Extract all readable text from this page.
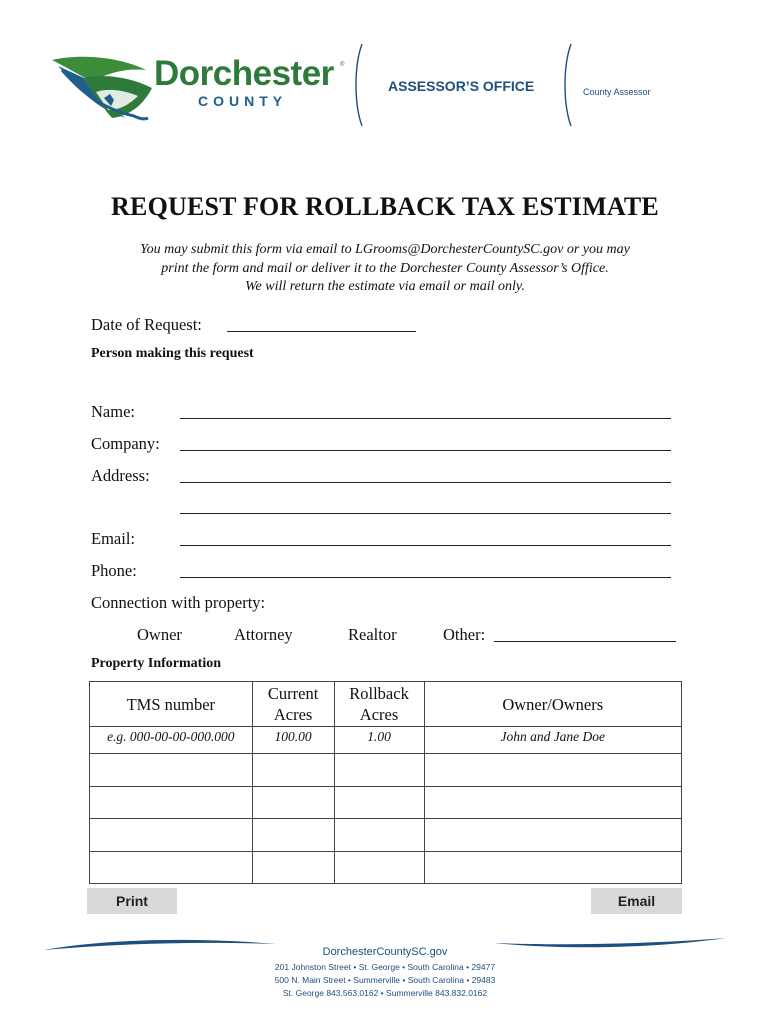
Dorchester ®
COUNTY
ASSESSOR’S OFFICE	County Assessor
REQUEST FOR ROLLBACK TAX ESTIMATE
You may submit this form via email to LGrooms@DorchesterCountySC.gov or you may
print the form and mail or deliver it to the Dorchester County Assessor’s Office.
We will return the estimate via email or mail only.
Date of Request:
Person making this request
Name:
Company:
Address:
Email:
Phone:
Connection with property:
Owner	Attorney	Realtor	Other:
Property Information
TMS number	Current Acres	Rollback Acres	Owner/Owners
e.g. 000-00-00-000.000	100.00	1.00	John and Jane Doe

Print	Email
DorchesterCountySC.gov
201 Johnston Street • St. George • South Carolina • 29477
500 N. Main Street • Summerville • South Carolina • 29483
St. George 843.563.0162 • Summerville 843.832.0162
